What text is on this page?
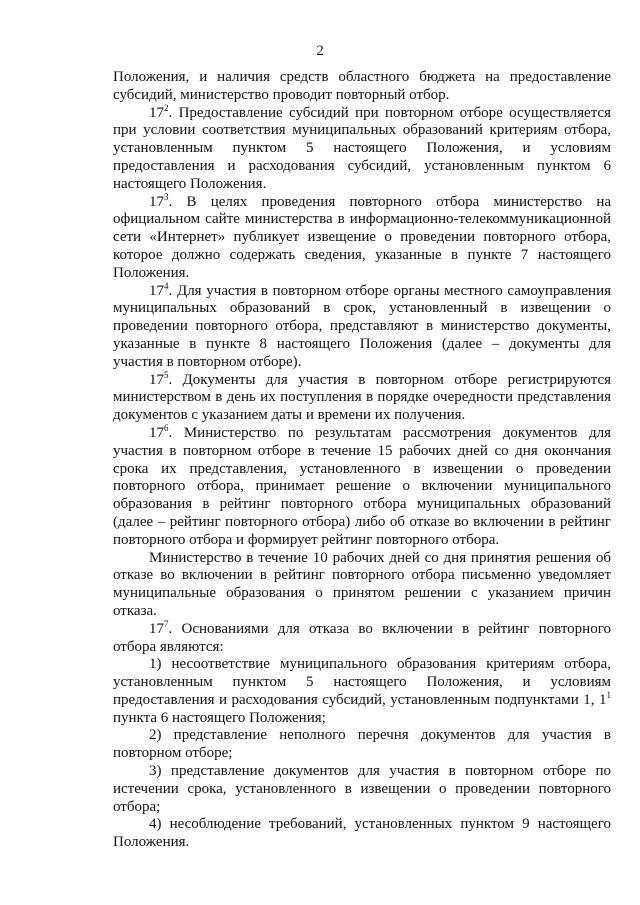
2

Положения, и наличия средств областного бюджета на предоставление субсидий, министерство проводит повторный отбор.

$17^2$. Предоставление субсидий при повторном отборе осуществляется при условии соответствия муниципальных образований критериям отбора, установленным пунктом 5 настоящего Положения, и условиям предоставления и расходования субсидий, установленным пунктом 6 настоящего Положения.

$17^3$. В целях проведения повторного отбора министерство на официальном сайте министерства в информационно-телекоммуникационной сети «Интернет» публикует извещение о проведении повторного отбора, которое должно содержать сведения, указанные в пункте 7 настоящего Положения.

$17^4$. Для участия в повторном отборе органы местного самоуправления муниципальных образований в срок, установленный в извещении о проведении повторного отбора, представляют в министерство документы, указанные в пункте 8 настоящего Положения (далее – документы для участия в повторном отборе).

$17^5$. Документы для участия в повторном отборе регистрируются министерством в день их поступления в порядке очередности представления документов с указанием даты и времени их получения.

$17^6$. Министерство по результатам рассмотрения документов для участия в повторном отборе в течение 15 рабочих дней со дня окончания срока их представления, установленного в извещении о проведении повторного отбора, принимает решение о включении муниципального образования в рейтинг повторного отбора муниципальных образований (далее – рейтинг повторного отбора) либо об отказе во включении в рейтинг повторного отбора и формирует рейтинг повторного отбора.

Министерство в течение 10 рабочих дней со дня принятия решения об отказе во включении в рейтинг повторного отбора письменно уведомляет муниципальные образования о принятом решении с указанием причин отказа.

$17^7$. Основаниями для отказа во включении в рейтинг повторного отбора являются:

1) несоответствие муниципального образования критериям отбора, установленным пунктом 5 настоящего Положения, и условиям предоставления и расходования субсидий, установленным подпунктами 1, $1^1$ пункта 6 настоящего Положения;

2) представление неполного перечня документов для участия в повторном отборе;

3) представление документов для участия в повторном отборе по истечении срока, установленного в извещении о проведении повторного отбора;

4) несоблюдение требований, установленных пунктом 9 настоящего Положения.
